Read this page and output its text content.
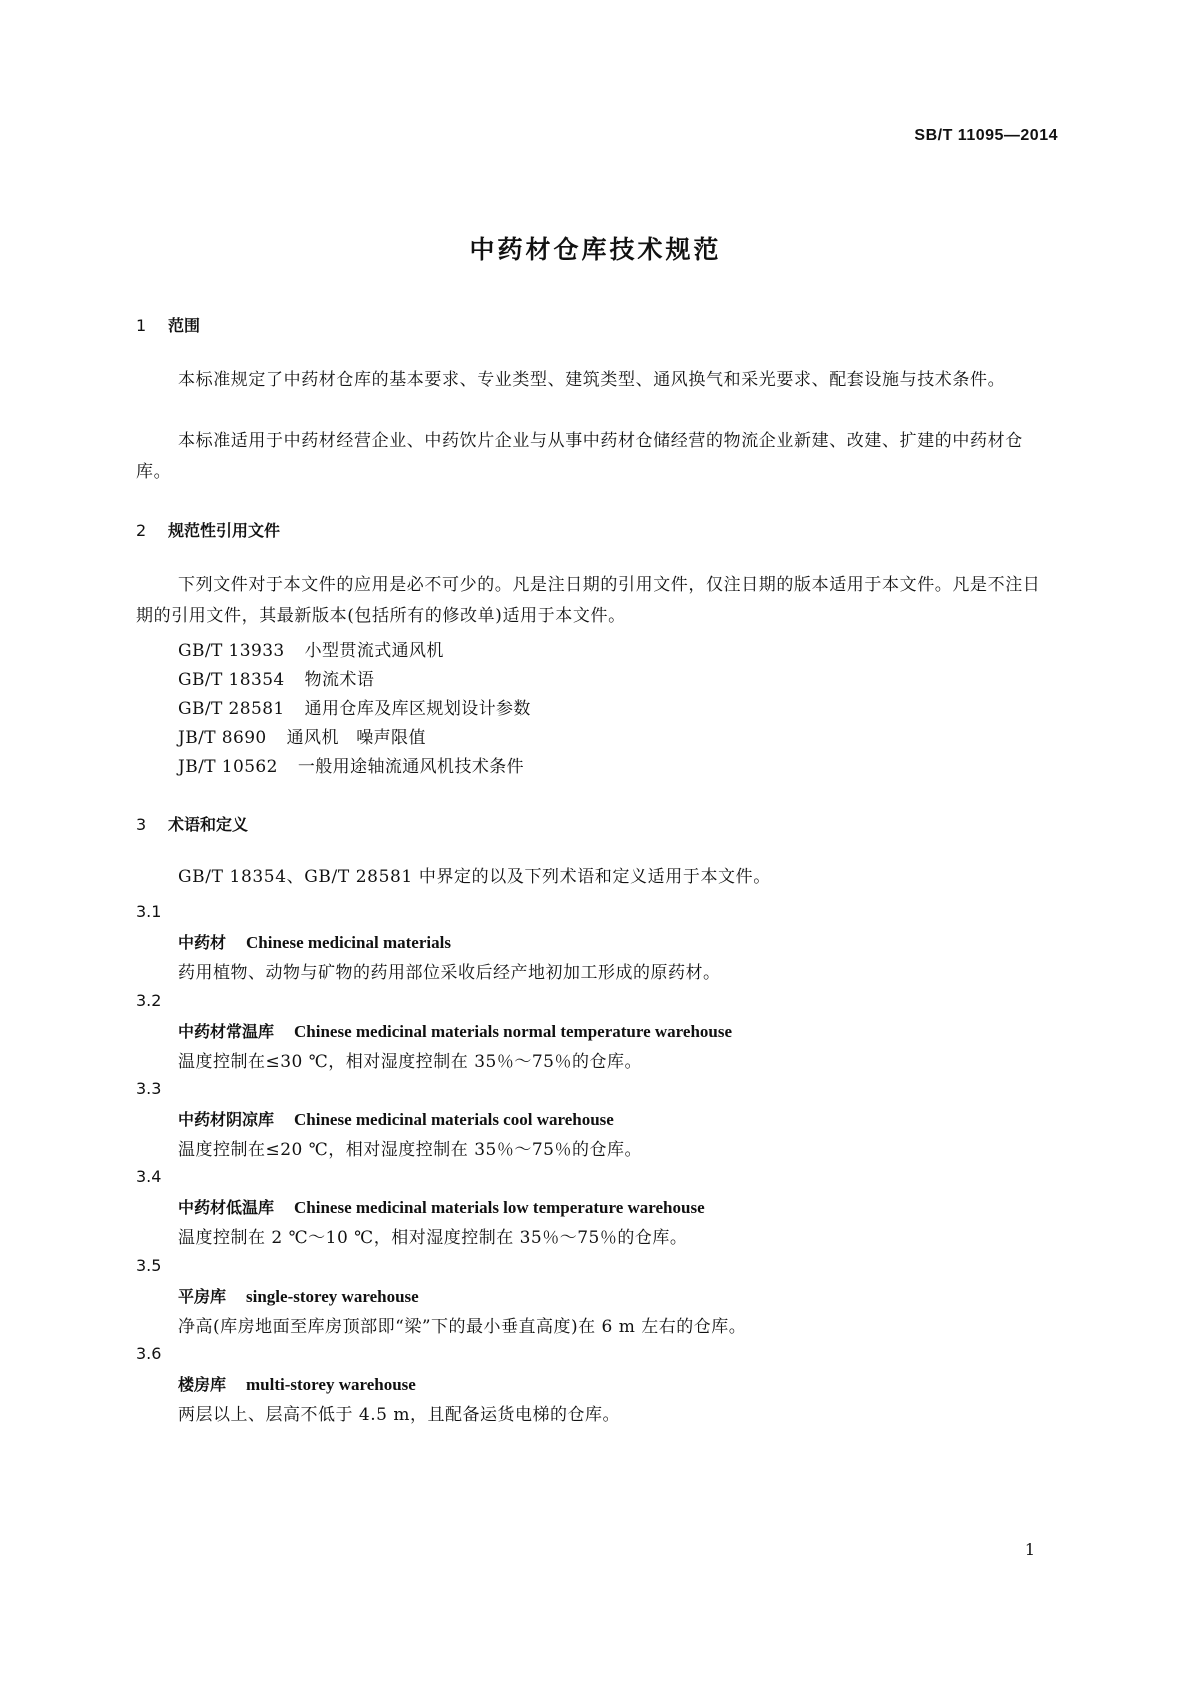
SB/T 11095—2014
中药材仓库技术规范
1 范围
本标准规定了中药材仓库的基本要求、专业类型、建筑类型、通风换气和采光要求、配套设施与技术条件。
本标准适用于中药材经营企业、中药饮片企业与从事中药材仓储经营的物流企业新建、改建、扩建的中药材仓库。
2 规范性引用文件
下列文件对于本文件的应用是必不可少的。凡是注日期的引用文件，仅注日期的版本适用于本文件。凡是不注日期的引用文件，其最新版本(包括所有的修改单)适用于本文件。
GB/T 13933 小型贯流式通风机
GB/T 18354 物流术语
GB/T 28581 通用仓库及库区规划设计参数
JB/T 8690 通风机　噪声限值
JB/T 10562 一般用途轴流通风机技术条件
3 术语和定义
GB/T 18354、GB/T 28581 中界定的以及下列术语和定义适用于本文件。
3.1
中药材 Chinese medicinal materials
药用植物、动物与矿物的药用部位采收后经产地初加工形成的原药材。
3.2
中药材常温库 Chinese medicinal materials normal temperature warehouse
温度控制在≤30 ℃，相对湿度控制在 35％～75％的仓库。
3.3
中药材阴凉库 Chinese medicinal materials cool warehouse
温度控制在≤20 ℃，相对湿度控制在 35％～75％的仓库。
3.4
中药材低温库 Chinese medicinal materials low temperature warehouse
温度控制在 2 ℃～10 ℃，相对湿度控制在 35％～75％的仓库。
3.5
平房库 single-storey warehouse
净高(库房地面至库房顶部即“梁”下的最小垂直高度)在 6 m 左右的仓库。
3.6
楼房库 multi-storey warehouse
两层以上、层高不低于 4.5 m，且配备运货电梯的仓库。
1
